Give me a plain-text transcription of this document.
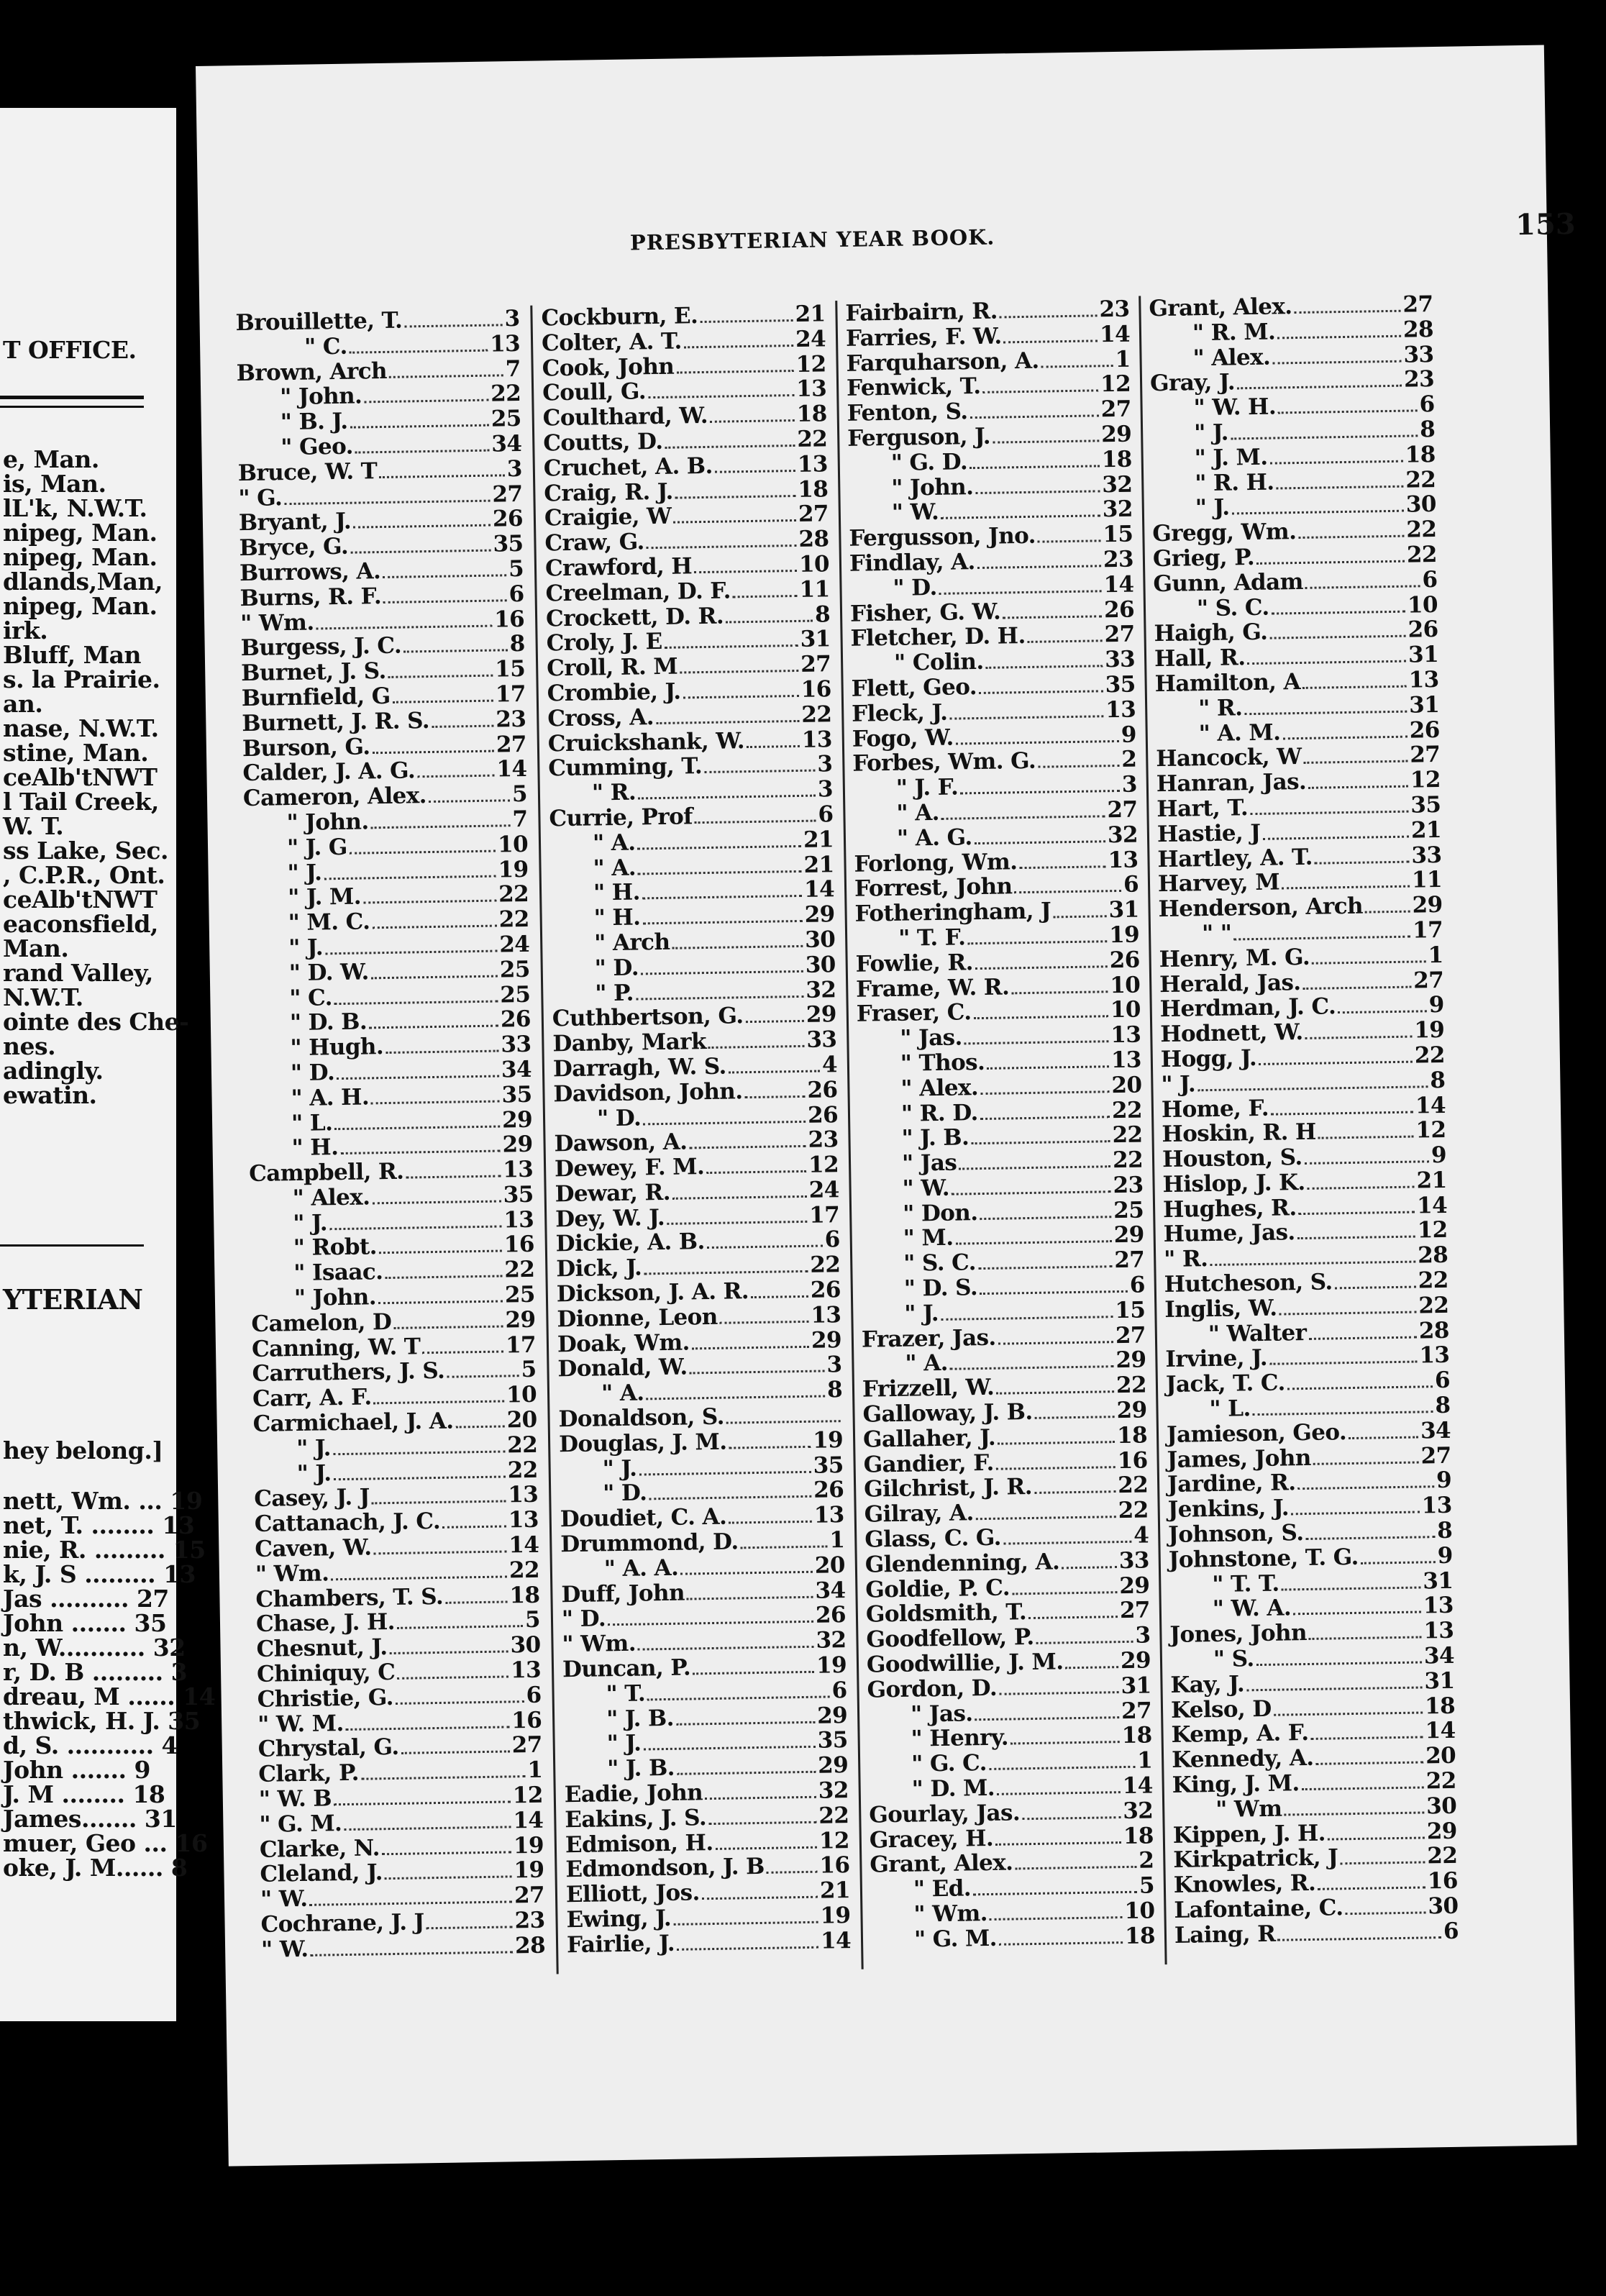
T OFFICE.
e, Man.
is, Man.
lL'k, N.W.T.
nipeg, Man.
nipeg, Man.
dlands,Man,
nipeg, Man.
irk.
Bluff, Man
s. la Prairie.
an.
nase, N.W.T.
stine, Man.
ceAlb'tNWT
l Tail Creek,
W. T.
ss Lake, Sec.
, C.P.R., Ont.
ceAlb'tNWT
eaconsfield,
Man.
rand Valley,
N.W.T.
ointe des Che-
nes.
adingly.
ewatin.
YTERIAN
hey belong.]
nett, Wm. ... 19
net, T. ........ 13
nie, R. ......... 15
k, J. S ......... 13
Jas .......... 27
John ....... 35
n, W........... 32
r, D. B ......... 3
dreau, M ...... 14
thwick, H. J. 35
d, S. ........... 4
John ....... 9
J. M ........ 18
James....... 31
muer, Geo ... 16
oke, J. M...... 8
PRESBYTERIAN YEAR BOOK.	153
Brouillette, T.	3
" C.	13
Brown, Arch	7
" John.	22
" B. J.	25
" Geo.	34
Bruce, W. T	3
" G.	27
Bryant, J.	26
Bryce, G.	35
Burrows, A.	5
Burns, R. F.	6
" Wm.	16
Burgess, J. C.	8
Burnet, J. S.	15
Burnfield, G	17
Burnett, J. R. S.	23
Burson, G.	27
Calder, J. A. G.	14
Cameron, Alex.	5
" John.	7
" J. G	10
" J.	19
" J. M.	22
" M. C.	22
" J.	24
" D. W.	25
" C.	25
" D. B.	26
" Hugh.	33
" D.	34
" A. H.	35
" L.	29
" H.	29
Campbell, R.	13
" Alex.	35
" J.	13
" Robt.	16
" Isaac.	22
" John.	25
Camelon, D	29
Canning, W. T	17
Carruthers, J. S.	5
Carr, A. F.	10
Carmichael, J. A. 20
" J.	22
" J.	22
Casey, J. J	13
Cattanach, J. C.	13
Caven, W.	14
" Wm.	22
Chambers, T. S.	18
Chase, J. H.	5
Chesnut, J.	30
Chiniquy, C	13
Christie, G.	6
" W. M.	16
Chrystal, G.	27
Clark, P.	1
" W. B	12
" G. M.	14
Clarke, N.	19
Cleland, J.	19
" W.	27
Cochrane, J. J	23
" W.	28
Cockburn, E.	21
Colter, A. T.	24
Cook, John	12
Coull, G.	13
Coulthard, W.	18
Coutts, D.	22
Cruchet, A. B.	13
Craig, R. J.	18
Craigie, W	27
Craw, G.	28
Crawford, H	10
Creelman, D. F.	11
Crockett, D. R.	8
Croly, J. E	31
Croll, R. M	27
Crombie, J.	16
Cross, A.	22
Cruickshank, W.	13
Cumming, T.	3
" R.	3
Currie, Prof	6
" A.	21
" A.	21
" H.	14
" H.	29
" Arch	30
" D.	30
" P.	32
Cuthbertson, G.	29
Danby, Mark	33
Darragh, W. S.	4
Davidson, John.	26
" D.	26
Dawson, A.	23
Dewey, F. M.	12
Dewar, R.	24
Dey, W. J.	17
Dickie, A. B.	6
Dick, J.	22
Dickson, J. A. R.	26
Dionne, Leon	13
Doak, Wm.	29
Donald, W.	3
" A.	8
Donaldson, S.
Douglas, J. M.	19
" J.	35
" D.	26
Doudiet, C. A.	13
Drummond, D.	1
" A. A.	20
Duff, John	34
" D.	26
" Wm.	32
Duncan, P.	19
" T.	6
" J. B.	29
" J.	35
" J. B.	29
Eadie, John	32
Eakins, J. S.	22
Edmison, H.	12
Edmondson, J. B 16
Elliott, Jos.	21
Ewing, J.	19
Fairlie, J.	14
Fairbairn, R.	23
Farries, F. W.	14
Farquharson, A.	1
Fenwick, T.	12
Fenton, S.	27
Ferguson, J.	29
" G. D.	18
" John.	32
" W.	32
Fergusson, Jno.	15
Findlay, A.	23
" D.	14
Fisher, G. W.	26
Fletcher, D. H.	27
" Colin.	33
Flett, Geo.	35
Fleck, J.	13
Fogo, W.	9
Forbes, Wm. G.	2
" J. F.	3
" A.	27
" A. G.	32
Forlong, Wm.	13
Forrest, John	6
Fotheringham, J	31
" T. F.	19
Fowlie, R.	26
Frame, W. R.	10
Fraser, C.	10
" Jas.	13
" Thos.	13
" Alex.	20
" R. D.	22
" J. B.	22
" Jas	22
" W.	23
" Don.	25
" M.	29
" S. C.	27
" D. S.	6
" J.	15
Frazer, Jas.	27
" A.	29
Frizzell, W.	22
Galloway, J. B.	29
Gallaher, J.	18
Gandier, F.	16
Gilchrist, J. R.	22
Gilray, A.	22
Glass, C. G.	4
Glendenning, A.	33
Goldie, P. C.	29
Goldsmith, T.	27
Goodfellow, P.	3
Goodwillie, J. M.	29
Gordon, D.	31
" Jas.	27
" Henry.	18
" G. C.	1
" D. M.	14
Gourlay, Jas.	32
Gracey, H.	18
Grant, Alex.	2
" Ed.	5
" Wm.	10
" G. M.	18
Grant, Alex.	27
" R. M.	28
" Alex.	33
Gray, J.	23
" W. H.	6
" J.	8
" J. M.	18
" R. H.	22
" J.	30
Gregg, Wm.	22
Grieg, P.	22
Gunn, Adam	6
" S. C.	10
Haigh, G.	26
Hall, R.	31
Hamilton, A	13
" R.	31
" A. M.	26
Hancock, W	27
Hanran, Jas.	12
Hart, T.	35
Hastie, J	21
Hartley, A. T.	33
Harvey, M	11
Henderson, Arch 29
" "	17
Henry, M. G.	1
Herald, Jas.	27
Herdman, J. C.	9
Hodnett, W.	19
Hogg, J.	22
" J.	8
Home, F.	14
Hoskin, R. H	12
Houston, S.	9
Hislop, J. K.	21
Hughes, R.	14
Hume, Jas.	12
" R.	28
Hutcheson, S.	22
Inglis, W.	22
" Walter	28
Irvine, J.	13
Jack, T. C.	6
" L.	8
Jamieson, Geo.	34
James, John	27
Jardine, R.	9
Jenkins, J.	13
Johnson, S.	8
Johnstone, T. G.	9
" T. T.	31
" W. A.	13
Jones, John	13
" S.	34
Kay, J.	31
Kelso, D	18
Kemp, A. F.	14
Kennedy, A.	20
King, J. M.	22
" Wm	30
Kippen, J. H.	29
Kirkpatrick, J	22
Knowles, R.	16
Lafontaine, C.	30
Laing, R	6
